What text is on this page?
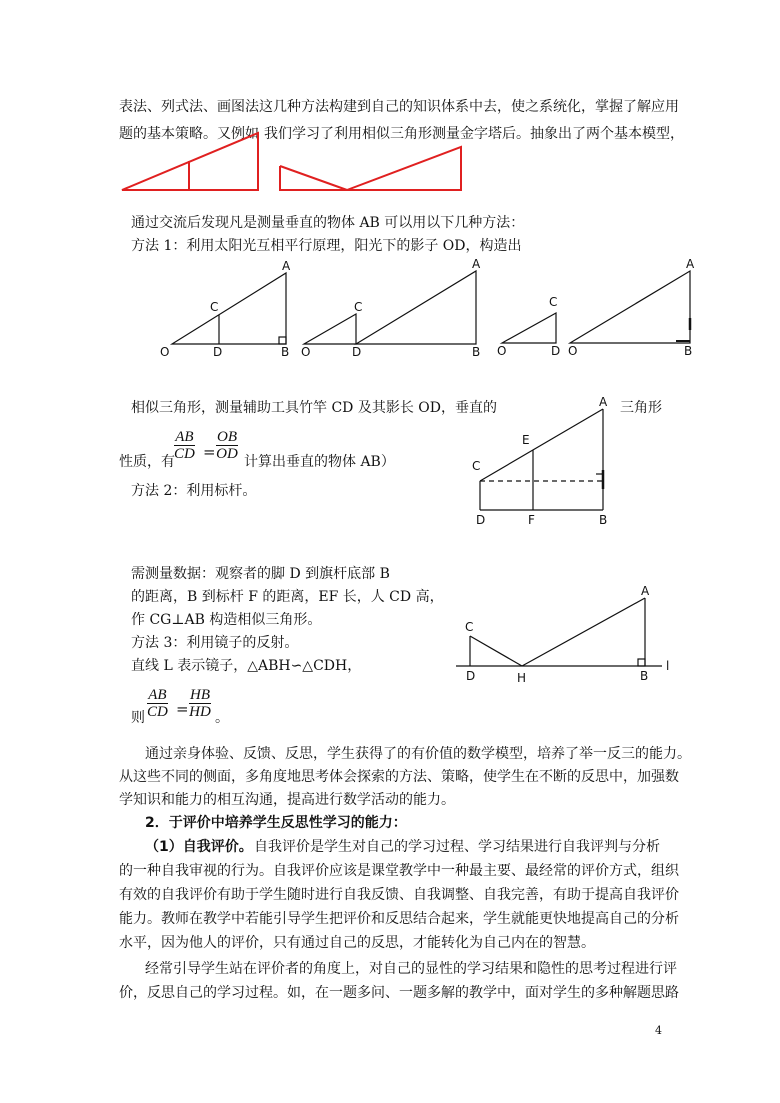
表法、列式法、画图法这几种方法构建到自己的知识体系中去，使之系统化，掌握了解应用
题的基本策略。又例如 我们学习了利用相似三角形测量金字塔后。抽象出了两个基本模型，
通过交流后发现凡是测量垂直的物体 AB 可以用以下几种方法：
方法 1：利用太阳光互相平行原理，阳光下的影子 OD，构造出
O
C
D
A
B O
C
D
A
B O
C
D O
A
B
相似三角形，测量辅助工具竹竿 CD 及其影长 OD，垂直的	三角形
性质，有 $\frac{AB}{CD} = \frac{OB}{OD}$ 计算出垂直的物体 AB）
方法 2：利用标杆。
A
E
C
D	F	B
需测量数据：观察者的脚 D 到旗杆底部 B
的距离，B 到标杆 F 的距离，EF 长，人 CD 高，
作 CG⊥AB 构造相似三角形。
方法 3：利用镜子的反射。
直线 L 表示镜子，△ABH∽△CDH，
A
C
D	H	B
l
则 $\frac{AB}{CD} = \frac{HB}{HD}$ 。
通过亲身体验、反馈、反思，学生获得了的有价值的数学模型，培养了举一反三的能力。
从这些不同的侧面，多角度地思考体会探索的方法、策略，使学生在不断的反思中，加强数
学知识和能力的相互沟通，提高进行数学活动的能力。
2．于评价中培养学生反思性学习的能力：
（1）自我评价。 自我评价是学生对自己的学习过程、学习结果进行自我评判与分析
的一种自我审视的行为。自我评价应该是课堂教学中一种最主要、最经常的评价方式，组织
有效的自我评价有助于学生随时进行自我反馈、自我调整、自我完善，有助于提高自我评价
能力。教师在教学中若能引导学生把评价和反思结合起来，学生就能更快地提高自己的分析
水平，因为他人的评价，只有通过自己的反思，才能转化为自己内在的智慧。
经常引导学生站在评价者的角度上，对自己的显性的学习结果和隐性的思考过程进行评
价，反思自己的学习过程。如，在一题多问、一题多解的教学中，面对学生的多种解题思路
4
